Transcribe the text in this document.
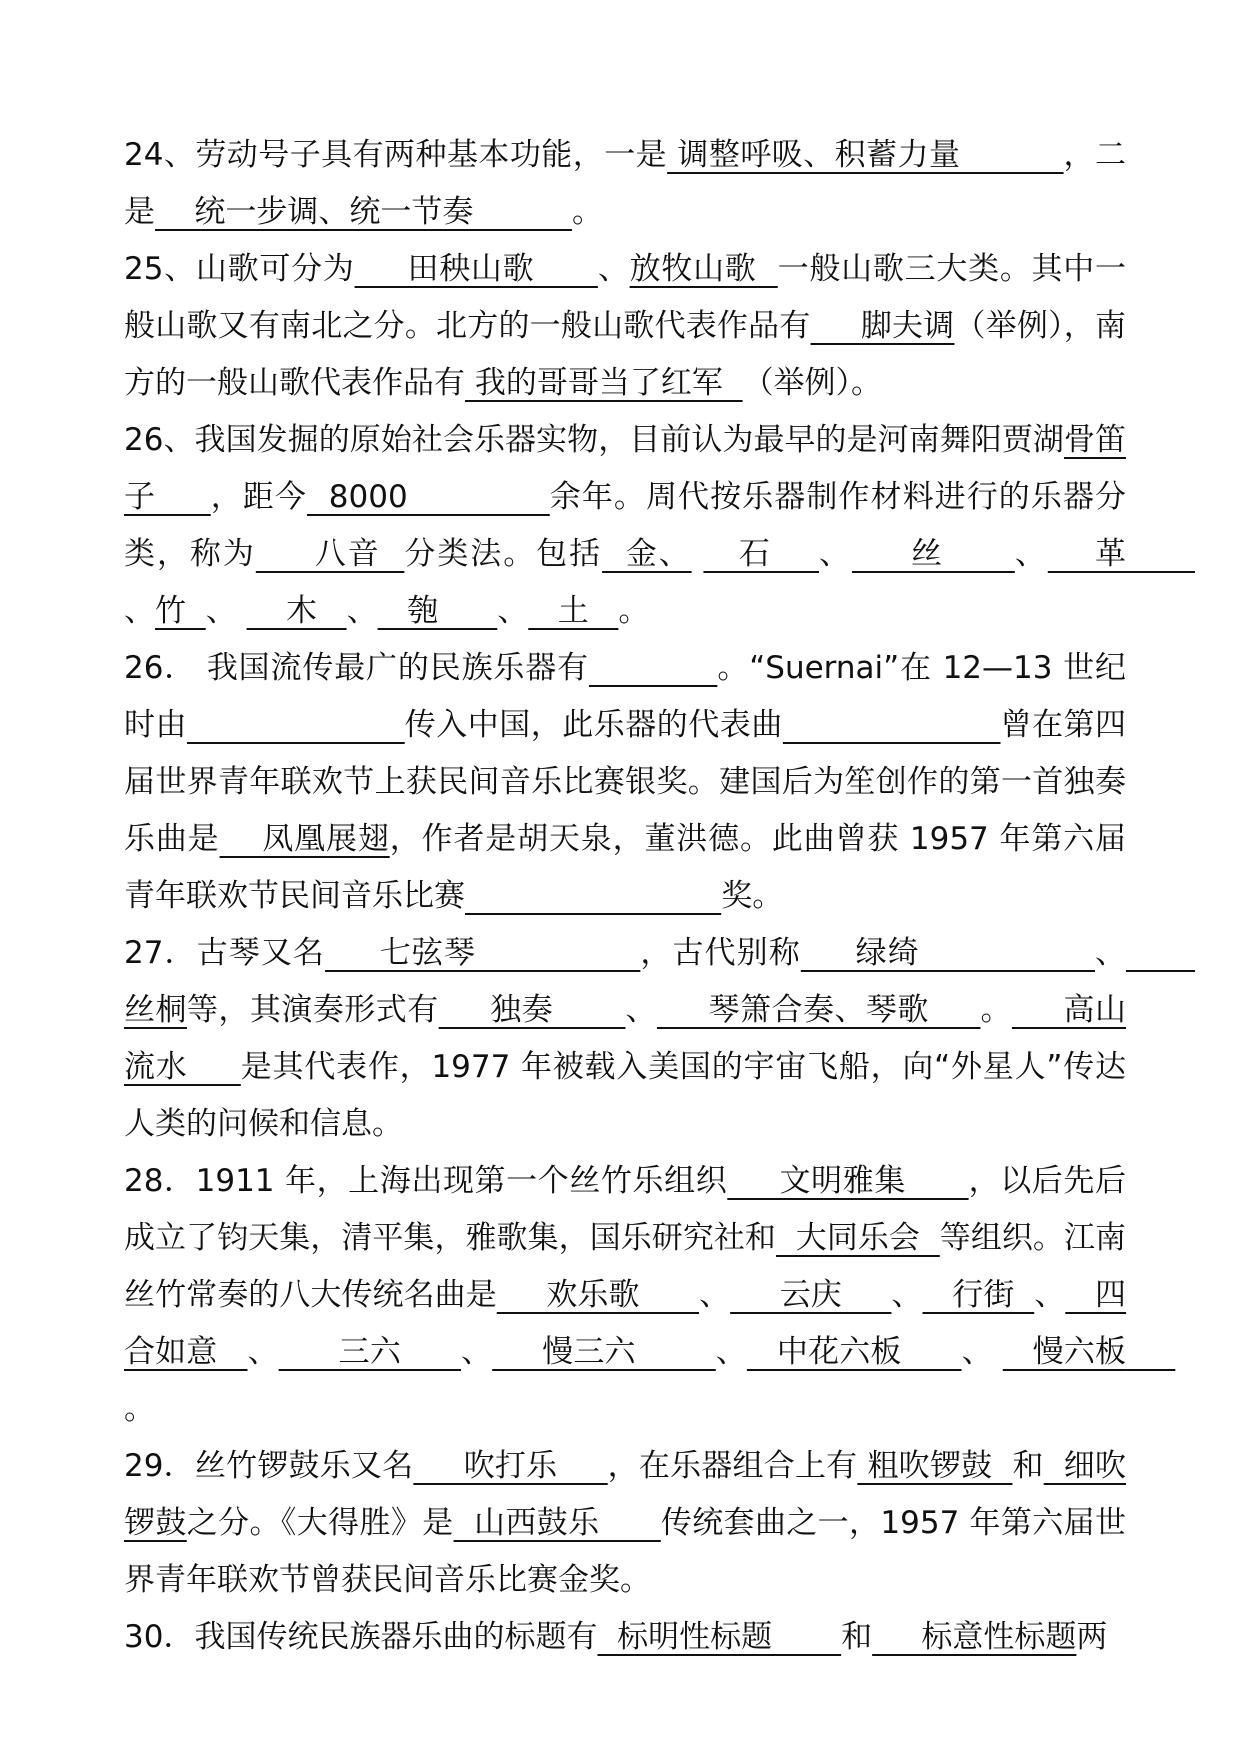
24、劳动号子具有两种基本功能，一是 调整呼吸、积蓄力量          ，二是    统一步调、统一节奏          。

25、山歌可分为     田秧山歌      、放牧山歌  一般山歌三大类。其中一般山歌又有南北之分。北方的一般山歌代表作品有     脚夫调（举例），南方的一般山歌代表作品有 我的哥哥当了红军  （举例）。

26、我国发掘的原始社会乐器实物，目前认为最早的是河南舞阳贾湖骨笛子     ，距今  8000             余年。周代按乐器制作材料进行的乐器分类，称为     八音  分类法。包括  金、    石    、     丝      、    革       、竹  、     木   、   匏      、   土   。

26． 我国流传最广的民族乐器有	。“Suernai”在 12—13 世纪时由	传入中国，此乐器的代表曲	曾在第四届世界青年联欢节上获民间音乐比赛银奖。建国后为笙创作的第一首独奏乐曲是    凤凰展翅，作者是胡天泉，董洪德。此曲曾获 1957 年第六届青年联欢节民间音乐比赛	奖。

27．古琴又名     七弦琴               ，古代别称     绿绮                、       丝桐等，其演奏形式有     独奏       、     琴箫合奏、琴歌     。     高山流水     是其代表作，1977 年被载入美国的宇宙飞船，向“外星人”传达人类的问候和信息。

28．1911 年，上海出现第一个丝竹乐组织     文明雅集      ，以后先后成立了钧天集，清平集，雅歌集，国乐研究社和  大同乐会  等组织。江南丝竹常奏的八大传统名曲是     欢乐歌      、     云庆     、   行街  、   四合如意   、      三六      、     慢三六        、   中花六板      、    慢六板     。

29．丝竹锣鼓乐又名     吹打乐     ，在乐器组合上有 粗吹锣鼓  和  细吹锣鼓之分。《大得胜》是  山西鼓乐      传统套曲之一，1957 年第六届世界青年联欢节曾获民间音乐比赛金奖。

30．我国传统民族器乐曲的标题有  标明性标题       和     标意性标题两
